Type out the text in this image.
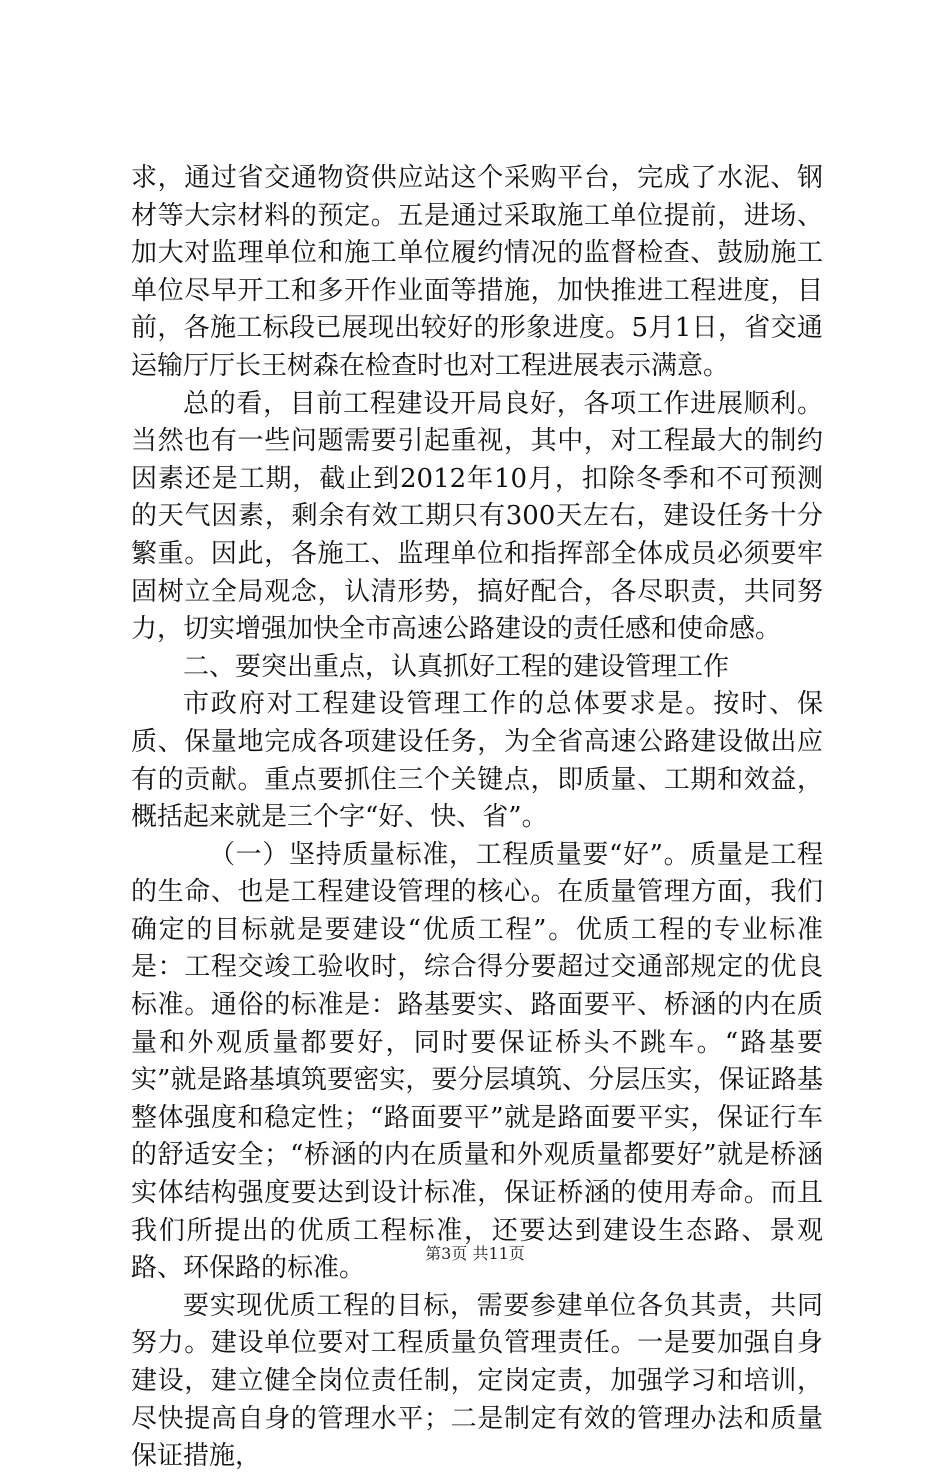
求，通过省交通物资供应站这个采购平台，完成了水泥、钢材等大宗材料的预定。五是通过采取施工单位提前，进场、加大对监理单位和施工单位履约情况的监督检查、鼓励施工单位尽早开工和多开作业面等措施，加快推进工程进度，目前，各施工标段已展现出较好的形象进度。5月1日，省交通运输厅厅长王树森在检查时也对工程进展表示满意。

总的看，目前工程建设开局良好，各项工作进展顺利。当然也有一些问题需要引起重视，其中，对工程最大的制约因素还是工期，截止到2012年10月，扣除冬季和不可预测的天气因素，剩余有效工期只有300天左右，建设任务十分繁重。因此，各施工、监理单位和指挥部全体成员必须要牢固树立全局观念，认清形势，搞好配合，各尽职责，共同努力，切实增强加快全市高速公路建设的责任感和使命感。

二、要突出重点，认真抓好工程的建设管理工作

市政府对工程建设管理工作的总体要求是。按时、保质、保量地完成各项建设任务，为全省高速公路建设做出应有的贡献。重点要抓住三个关键点，即质量、工期和效益，概括起来就是三个字“好、快、省”。

（一）坚持质量标准，工程质量要“好”。质量是工程的生命、也是工程建设管理的核心。在质量管理方面，我们确定的目标就是要建设“优质工程”。优质工程的专业标准是：工程交竣工验收时，综合得分要超过交通部规定的优良标准。通俗的标准是：路基要实、路面要平、桥涵的内在质量和外观质量都要好，同时要保证桥头不跳车。“路基要实”就是路基填筑要密实，要分层填筑、分层压实，保证路基整体强度和稳定性；“路面要平”就是路面要平实，保证行车的舒适安全；“桥涵的内在质量和外观质量都要好”就是桥涵实体结构强度要达到设计标准，保证桥涵的使用寿命。而且我们所提出的优质工程标准，还要达到建设生态路、景观路、环保路的标准。

要实现优质工程的目标，需要参建单位各负其责，共同努力。建设单位要对工程质量负管理责任。一是要加强自身建设，建立健全岗位责任制，定岗定责，加强学习和培训，尽快提高自身的管理水平；二是制定有效的管理办法和质量保证措施，

第3页 共11页
